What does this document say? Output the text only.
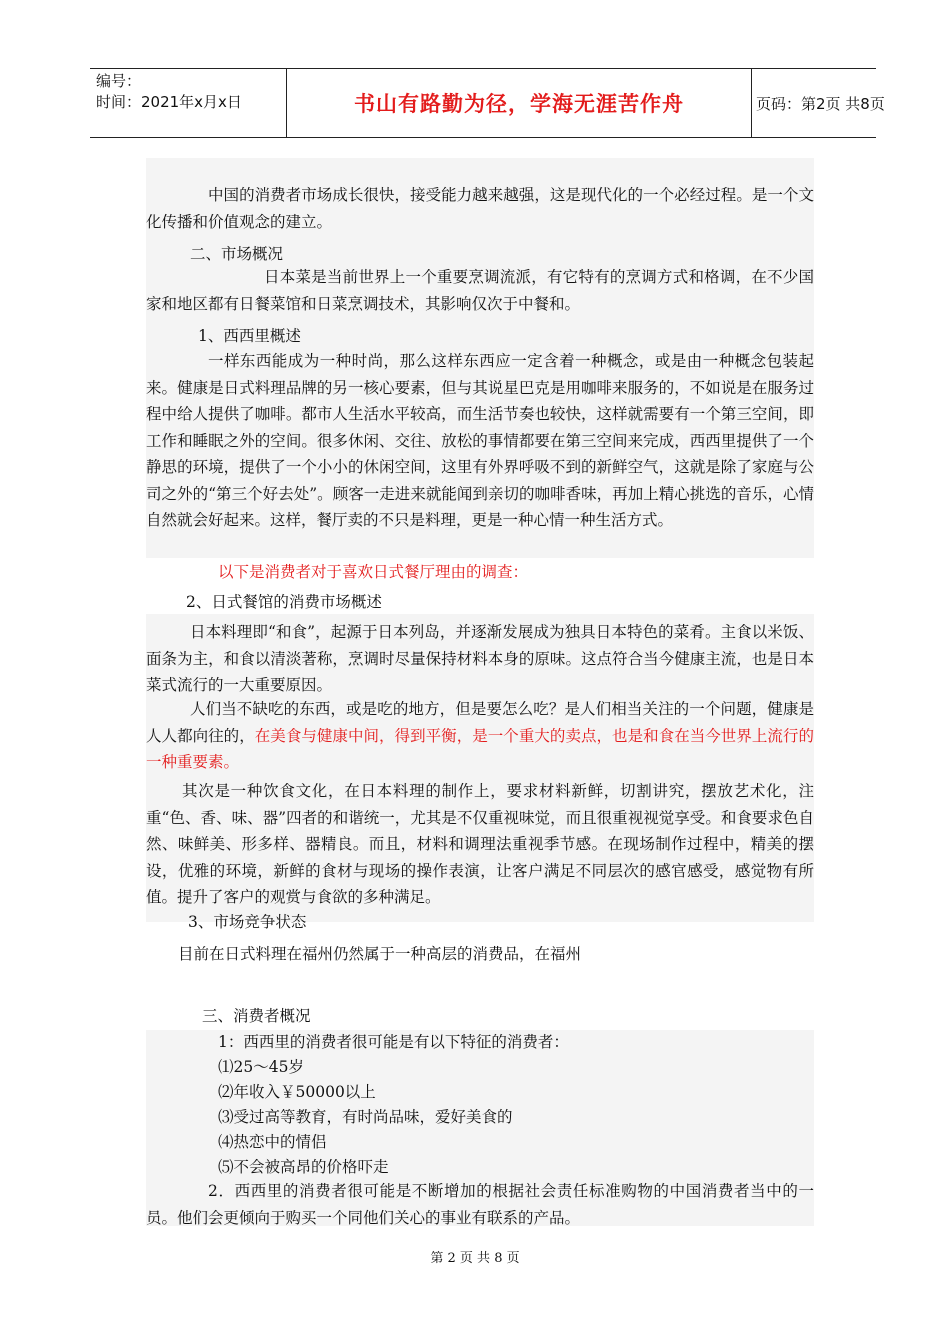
编号：
时间：2021年x月x日	书山有路勤为径，学海无涯苦作舟	页码：第2页 共8页

中国的消费者市场成长很快，接受能力越来越强，这是现代化的一个必经过程。是一个文化传播和价值观念的建立。

二、市场概况

日本菜是当前世界上一个重要烹调流派，有它特有的烹调方式和格调，在不少国家和地区都有日餐菜馆和日菜烹调技术，其影响仅次于中餐和。

1、西西里概述

一样东西能成为一种时尚，那么这样东西应一定含着一种概念，或是由一种概念包装起来。健康是日式料理品牌的另一核心要素，但与其说星巴克是用咖啡来服务的，不如说是在服务过程中给人提供了咖啡。都市人生活水平较高，而生活节奏也较快，这样就需要有一个第三空间，即工作和睡眠之外的空间。很多休闲、交往、放松的事情都要在第三空间来完成，西西里提供了一个静思的环境，提供了一个小小的休闲空间，这里有外界呼吸不到的新鲜空气，这就是除了家庭与公司之外的“第三个好去处”。顾客一走进来就能闻到亲切的咖啡香味，再加上精心挑选的音乐，心情自然就会好起来。这样，餐厅卖的不只是料理，更是一种心情一种生活方式。

以下是消费者对于喜欢日式餐厅理由的调查：
2、日式餐馆的消费市场概述

日本料理即“和食”，起源于日本列岛，并逐渐发展成为独具日本特色的菜肴。主食以米饭、面条为主，和食以清淡著称，烹调时尽量保持材料本身的原味。这点符合当今健康主流，也是日本菜式流行的一大重要原因。

人们当不缺吃的东西，或是吃的地方，但是要怎么吃？是人们相当关注的一个问题，健康是人人都向往的，在美食与健康中间，得到平衡，是一个重大的卖点，也是和食在当今世界上流行的一种重要素。

其次是一种饮食文化，在日本料理的制作上，要求材料新鲜，切割讲究，摆放艺术化，注重“色、香、味、器”四者的和谐统一，尤其是不仅重视味觉，而且很重视视觉享受。和食要求色自然、味鲜美、形多样、器精良。而且，材料和调理法重视季节感。在现场制作过程中，精美的摆设，优雅的环境，新鲜的食材与现场的操作表演，让客户满足不同层次的感官感受，感觉物有所值。提升了客户的观赏与食欲的多种满足。

3、市场竞争状态
目前在日式料理在福州仍然属于一种高层的消费品，在福州
三、消费者概况
1：西西里的消费者很可能是有以下特征的消费者：
⑴25～45岁
⑵年收入￥50000以上
⑶受过高等教育，有时尚品味，爱好美食的
⑷热恋中的情侣
⑸不会被高昂的价格吓走

2．西西里的消费者很可能是不断增加的根据社会责任标准购物的中国消费者当中的一员。他们会更倾向于购买一个同他们关心的事业有联系的产品。

第 2 页 共 8 页
